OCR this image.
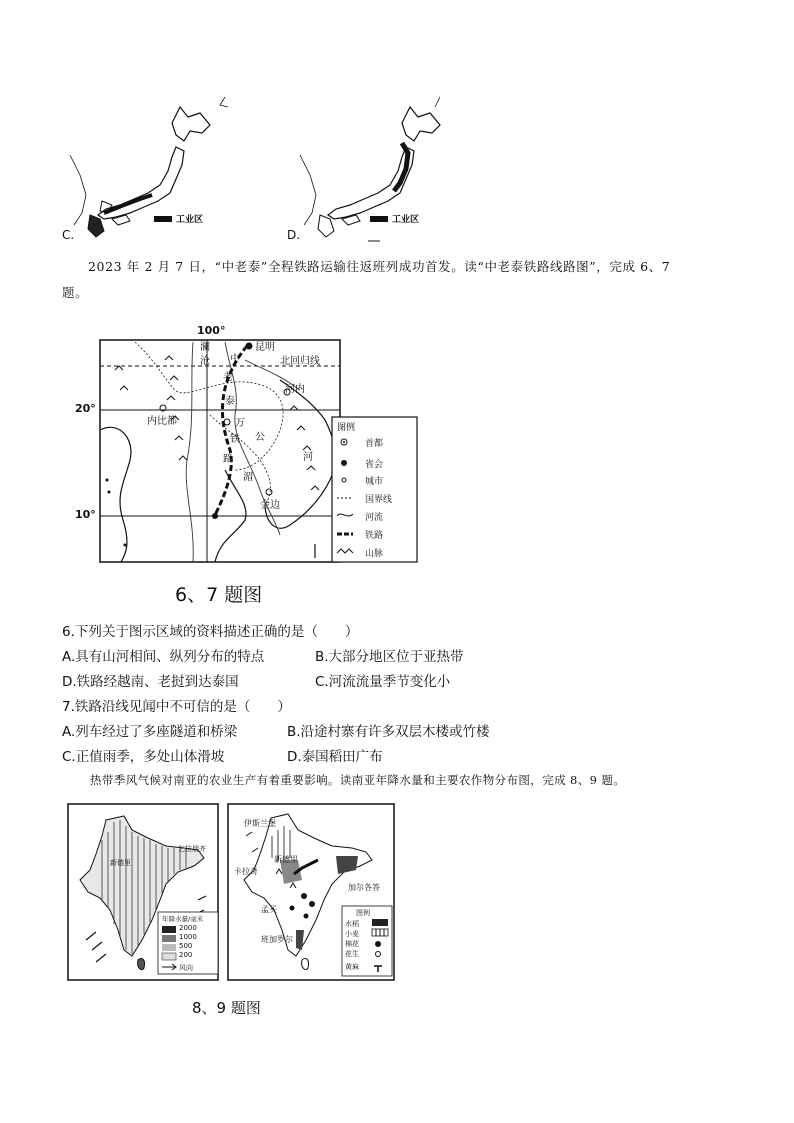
工业区
C.
工业区
D.
2023 年 2 月 7 日，“中老泰”全程铁路运输往返班列成功首发。读“中老泰铁路线路图”，完成 6、7
题。
100°
20°
10°
北回归线
昆明
河内
内比都	万
金边
中
老
泰
铁
路
澜
沧
公
河
湄
图例
首都
省会
城市
国界线
河流
铁路
山脉
6、7 题图
6.下列关于图示区域的资料描述正确的是（　　）
A.具有山河相间、纵列分布的特点	B.大部分地区位于亚热带
D.铁路经越南、老挝到达泰国	C.河流流量季节变化小
7.铁路沿线见闻中不可信的是（　　）
A.列车经过了多座隧道和桥梁	B.沿途村寨有许多双层木楼或竹楼
C.正值雨季，多处山体滑坡	D.泰国稻田广布
热带季风气候对南亚的农业生产有着重要影响。读南亚年降水量和主要农作物分布图，完成 8、9 题。
乞拉朋齐
新德里
年降水量/毫米
2000
1000
500
200
风向
伊斯兰堡
新德里
卡拉奇
加尔各答
孟买
班加罗尔
图例
水稻
小麦
棉花
花生
黄麻
8、9 题图
